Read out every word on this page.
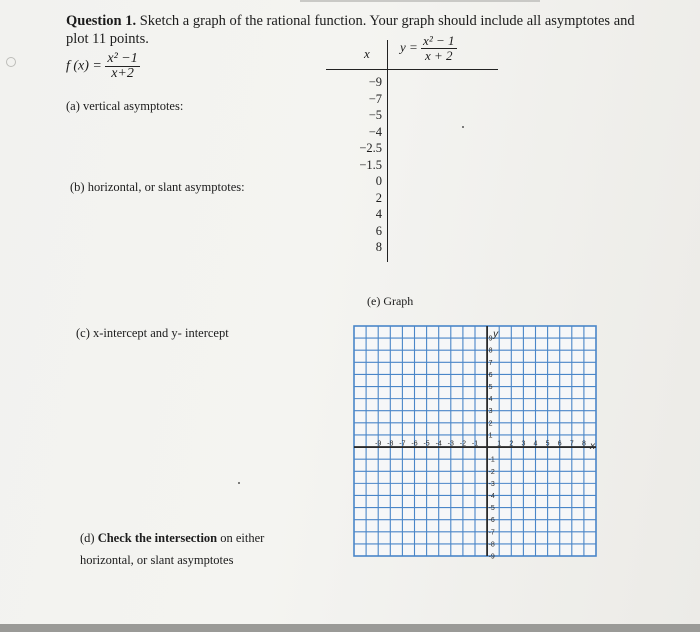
Question 1. Sketch a graph of the rational function. Your graph should include all asymptotes and
plot 11 points.
f $(x) = \frac{\text{x² −1}}{x+2}$
(a) vertical asymptotes:
(b) horizontal, or slant asymptotes:
(c) x-intercept and y- intercept
(d) Check the intersection on either
horizontal, or slant asymptotes
x $y = \frac{\text{x² − 1}}{x + 2}$
−9
−7
−5
−4
−2.5
−1.5
0
2
4
6
8
(e) Graph
-9 -8 -7 -6 -5 -4 -3 -2 -1	1 2 3 4 5 6 7 8
9
8
7
6
5
4
3
2
1
-1
-2
-3
-4
-5
-6
-7
-8
-9
x
y
